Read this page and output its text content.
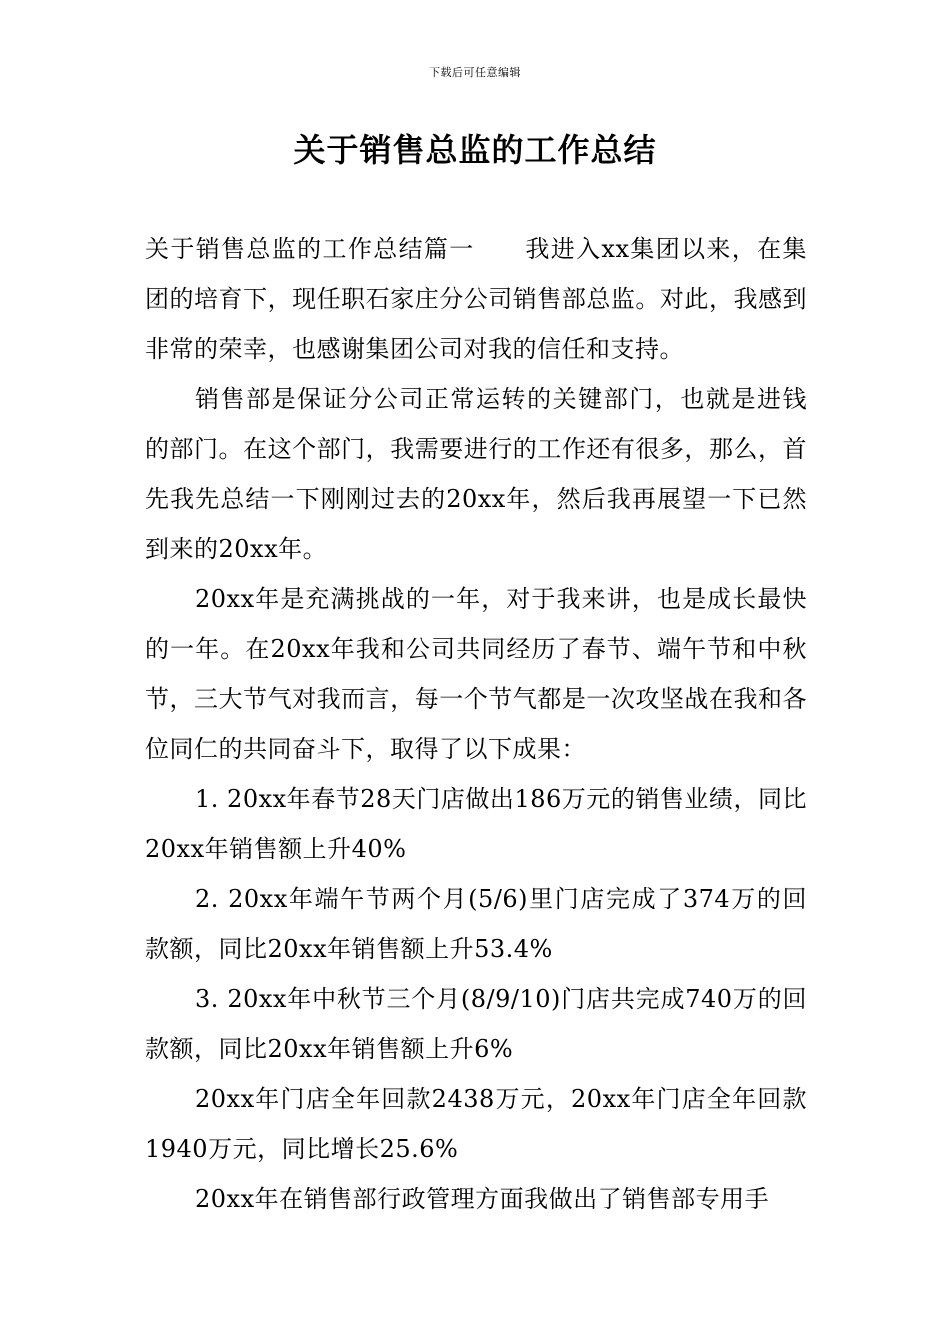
下载后可任意编辑
关于销售总监的工作总结

关于销售总监的工作总结篇一　　我进入xx集团以来，在集团的培育下，现任职石家庄分公司销售部总监。对此，我感到非常的荣幸，也感谢集团公司对我的信任和支持。

销售部是保证分公司正常运转的关键部门，也就是进钱的部门。在这个部门，我需要进行的工作还有很多，那么，首先我先总结一下刚刚过去的20xx年，然后我再展望一下已然到来的20xx年。

20xx年是充满挑战的一年，对于我来讲，也是成长最快的一年。在20xx年我和公司共同经历了春节、端午节和中秋节，三大节气对我而言，每一个节气都是一次攻坚战在我和各位同仁的共同奋斗下，取得了以下成果：

1. 20xx年春节28天门店做出186万元的销售业绩，同比20xx年销售额上升40%

2. 20xx年端午节两个月(5/6)里门店完成了374万的回款额，同比20xx年销售额上升53.4%

3. 20xx年中秋节三个月(8/9/10)门店共完成740万的回款额，同比20xx年销售额上升6%

20xx年门店全年回款2438万元，20xx年门店全年回款1940万元，同比增长25.6%

20xx年在销售部行政管理方面我做出了销售部专用手
